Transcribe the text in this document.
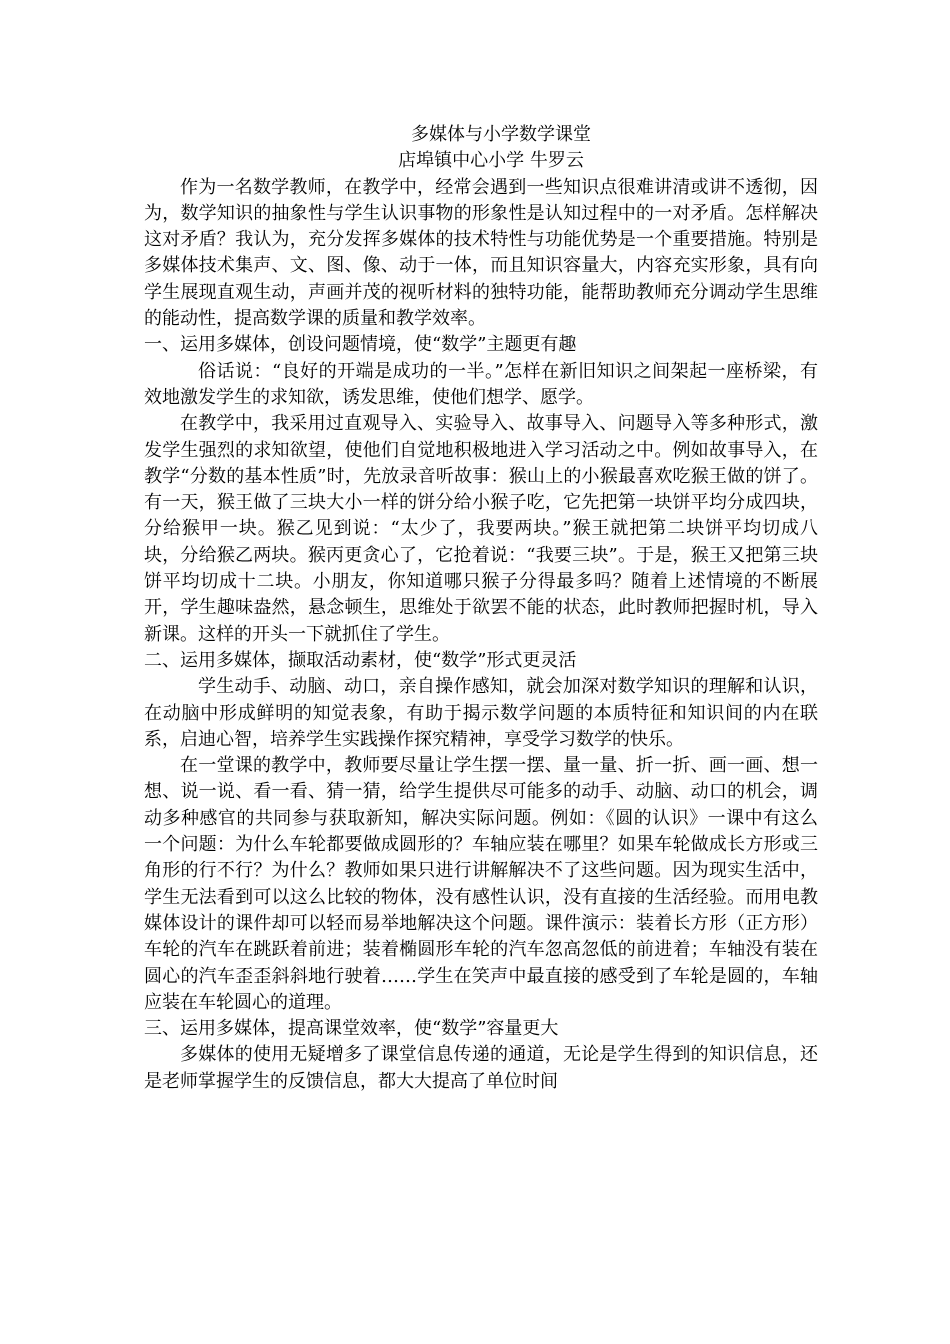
多媒体与小学数学课堂

店埠镇中心小学 牛罗云

作为一名数学教师，在教学中，经常会遇到一些知识点很难讲清或讲不透彻，因为，数学知识的抽象性与学生认识事物的形象性是认知过程中的一对矛盾。怎样解决这对矛盾？我认为，充分发挥多媒体的技术特性与功能优势是一个重要措施。特别是多媒体技术集声、文、图、像、动于一体，而且知识容量大，内容充实形象，具有向学生展现直观生动，声画并茂的视听材料的独特功能，能帮助教师充分调动学生思维的能动性，提高数学课的质量和教学效率。

一、运用多媒体，创设问题情境，使“数学”主题更有趣

俗话说：“良好的开端是成功的一半。”怎样在新旧知识之间架起一座桥梁，有效地激发学生的求知欲，诱发思维，使他们想学、愿学。

在教学中，我采用过直观导入、实验导入、故事导入、问题导入等多种形式，激发学生强烈的求知欲望，使他们自觉地积极地进入学习活动之中。例如故事导入，在教学“分数的基本性质”时，先放录音听故事：猴山上的小猴最喜欢吃猴王做的饼了。有一天，猴王做了三块大小一样的饼分给小猴子吃，它先把第一块饼平均分成四块，分给猴甲一块。猴乙见到说：“太少了，我要两块。”猴王就把第二块饼平均切成八块，分给猴乙两块。猴丙更贪心了，它抢着说：“我要三块”。于是，猴王又把第三块饼平均切成十二块。小朋友，你知道哪只猴子分得最多吗？随着上述情境的不断展开，学生趣味盎然，悬念顿生，思维处于欲罢不能的状态，此时教师把握时机，导入新课。这样的开头一下就抓住了学生。

二、运用多媒体，撷取活动素材，使“数学”形式更灵活

学生动手、动脑、动口，亲自操作感知，就会加深对数学知识的理解和认识，在动脑中形成鲜明的知觉表象，有助于揭示数学问题的本质特征和知识间的内在联系，启迪心智，培养学生实践操作探究精神，享受学习数学的快乐。

在一堂课的教学中，教师要尽量让学生摆一摆、量一量、折一折、画一画、想一想、说一说、看一看、猜一猜，给学生提供尽可能多的动手、动脑、动口的机会，调动多种感官的共同参与获取新知，解决实际问题。例如：《圆的认识》一课中有这么一个问题：为什么车轮都要做成圆形的？车轴应装在哪里？如果车轮做成长方形或三角形的行不行？为什么？教师如果只进行讲解解决不了这些问题。因为现实生活中，学生无法看到可以这么比较的物体，没有感性认识，没有直接的生活经验。而用电教媒体设计的课件却可以轻而易举地解决这个问题。课件演示：装着长方形（正方形）车轮的汽车在跳跃着前进；装着椭圆形车轮的汽车忽高忽低的前进着；车轴没有装在圆心的汽车歪歪斜斜地行驶着……学生在笑声中最直接的感受到了车轮是圆的，车轴应装在车轮圆心的道理。

三、运用多媒体，提高课堂效率，使“数学”容量更大

多媒体的使用无疑增多了课堂信息传递的通道，无论是学生得到的知识信息，还是老师掌握学生的反馈信息，都大大提高了单位时间
